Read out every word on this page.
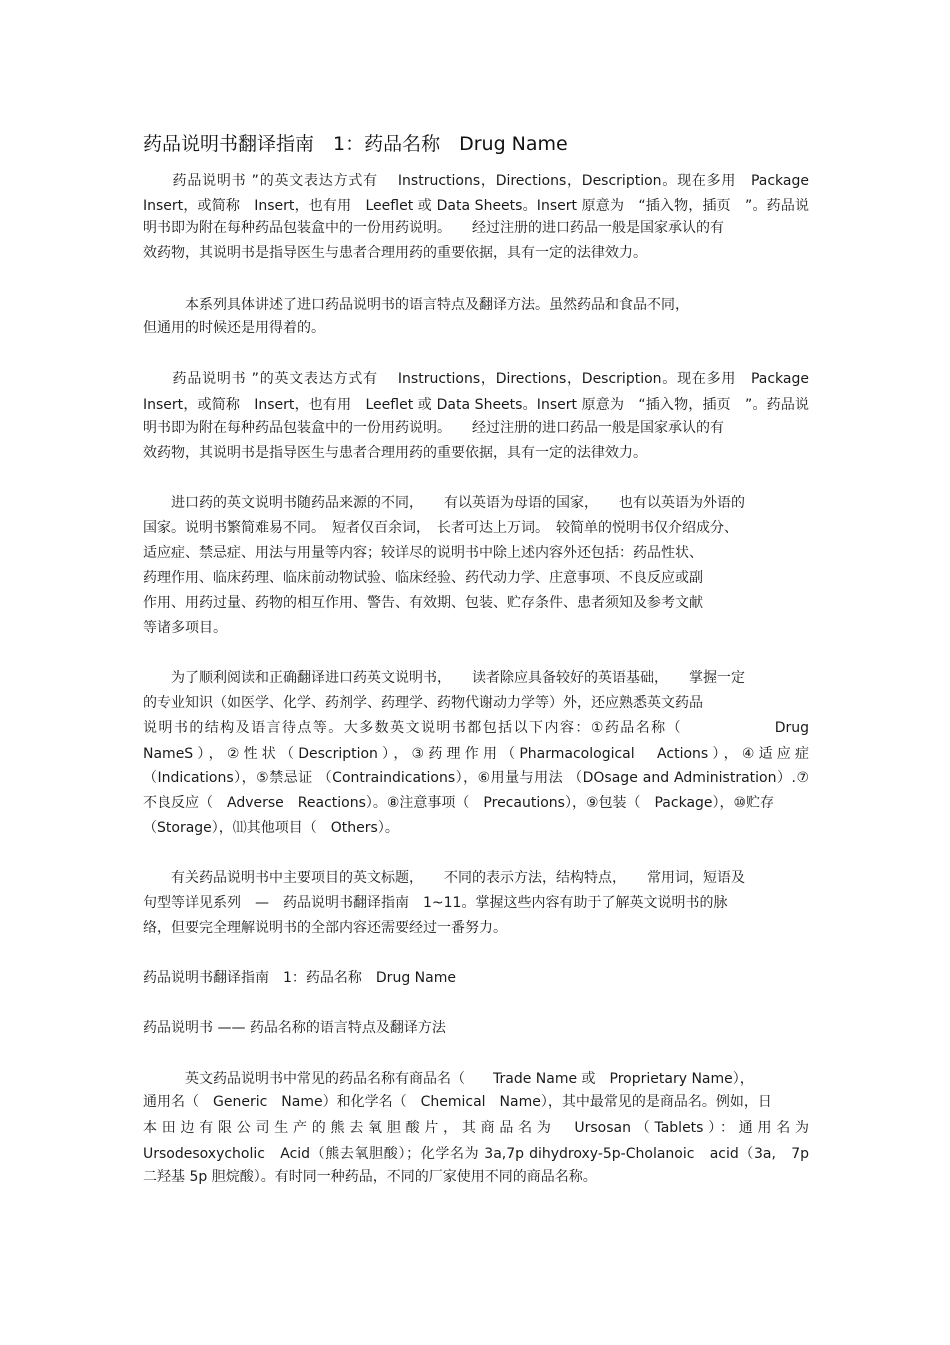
药品说明书翻译指南　1：药品名称　Drug Name
　　药品说明书 ”的英文表达方式有　 Instructions，Directions，Description。现在多用　Package
Insert，或简称　Insert，也有用　Leeflet 或 Data Sheets。Insert 原意为　“插入物，插页　”。药品说
明书即为附在每种药品包装盒中的一份用药说明。　　经过注册的进口药品一般是国家承认的有
效药物，其说明书是指导医生与患者合理用药的重要依据，具有一定的法律效力。
　　　本系列具体讲述了进口药品说明书的语言特点及翻译方法。虽然药品和食品不同，
但通用的时候还是用得着的。
　　药品说明书 ”的英文表达方式有　 Instructions，Directions，Description。现在多用　Package
Insert，或简称　Insert，也有用　Leeflet 或 Data Sheets。Insert 原意为　“插入物，插页　”。药品说
明书即为附在每种药品包装盒中的一份用药说明。　　经过注册的进口药品一般是国家承认的有
效药物，其说明书是指导医生与患者合理用药的重要依据，具有一定的法律效力。
　　进口药的英文说明书随药品来源的不同，　　有以英语为母语的国家，　　也有以英语为外语的
国家。说明书繁简难易不同。　短者仅百余词，　长者可达上万词。　较简单的悦明书仅介绍成分、
适应症、禁忌症、用法与用量等内容；较详尽的说明书中除上述内容外还包括：药品性状、
药理作用、临床药理、临床前动物试验、临床经验、药代动力学、庄意事项、不良反应或副
作用、用药过量、药物的相互作用、警告、有效期、包装、贮存条件、患者须知及参考文献
等诸多项目。
　　为了顺利阅读和正确翻译进口药英文说明书，　　读者除应具备较好的英语基础，　　掌握一定
的专业知识（如医学、化学、药剂学、药理学、药物代谢动力学等）外，还应熟悉英文药品
说明书的结构及语言待点等。大多数英文说明书都包括以下内容：①药品名称（　　　　　　Drug
NameS），②性状（Description），③药理作用（Pharmacological　Actions），④适应症
（Indications），⑤禁忌证 （Contraindications），⑥用量与用法 （DOsage and Administration）.⑦
不良反应（　Adverse　Reactions）。⑧注意事项（　Precautions），⑨包装（　Package），⑩贮存
（Storage），⑾其他项目（　Others）。
　　有关药品说明书中主要项目的英文标题，　　不同的表示方法，结构特点，　　常用词，短语及
句型等详见系列　—　药品说明书翻译指南　1~11。掌握这些内容有助于了解英文说明书的脉
络，但要完全理解说明书的全部内容还需要经过一番努力。
药品说明书翻译指南　1：药品名称　Drug Name
药品说明书 —— 药品名称的语言特点及翻译方法
　　　英文药品说明书中常见的药品名称有商品名（　　Trade Name 或　Proprietary Name），
通用名（　Generic　Name）和化学名（　Chemical　Name），其中最常见的是商品名。例如，日
本田边有限公司生产的熊去氧胆酸片，其商品名为　Ursosan（Tablets）：通用名为
Ursodesoxycholic　Acid（熊去氧胆酸）；化学名为 3a,7p dihydroxy-5p-Cholanoic　acid（3a,　7p
二羟基 5p 胆烷酸）。有时同一种药品，不同的厂家使用不同的商品名称。
